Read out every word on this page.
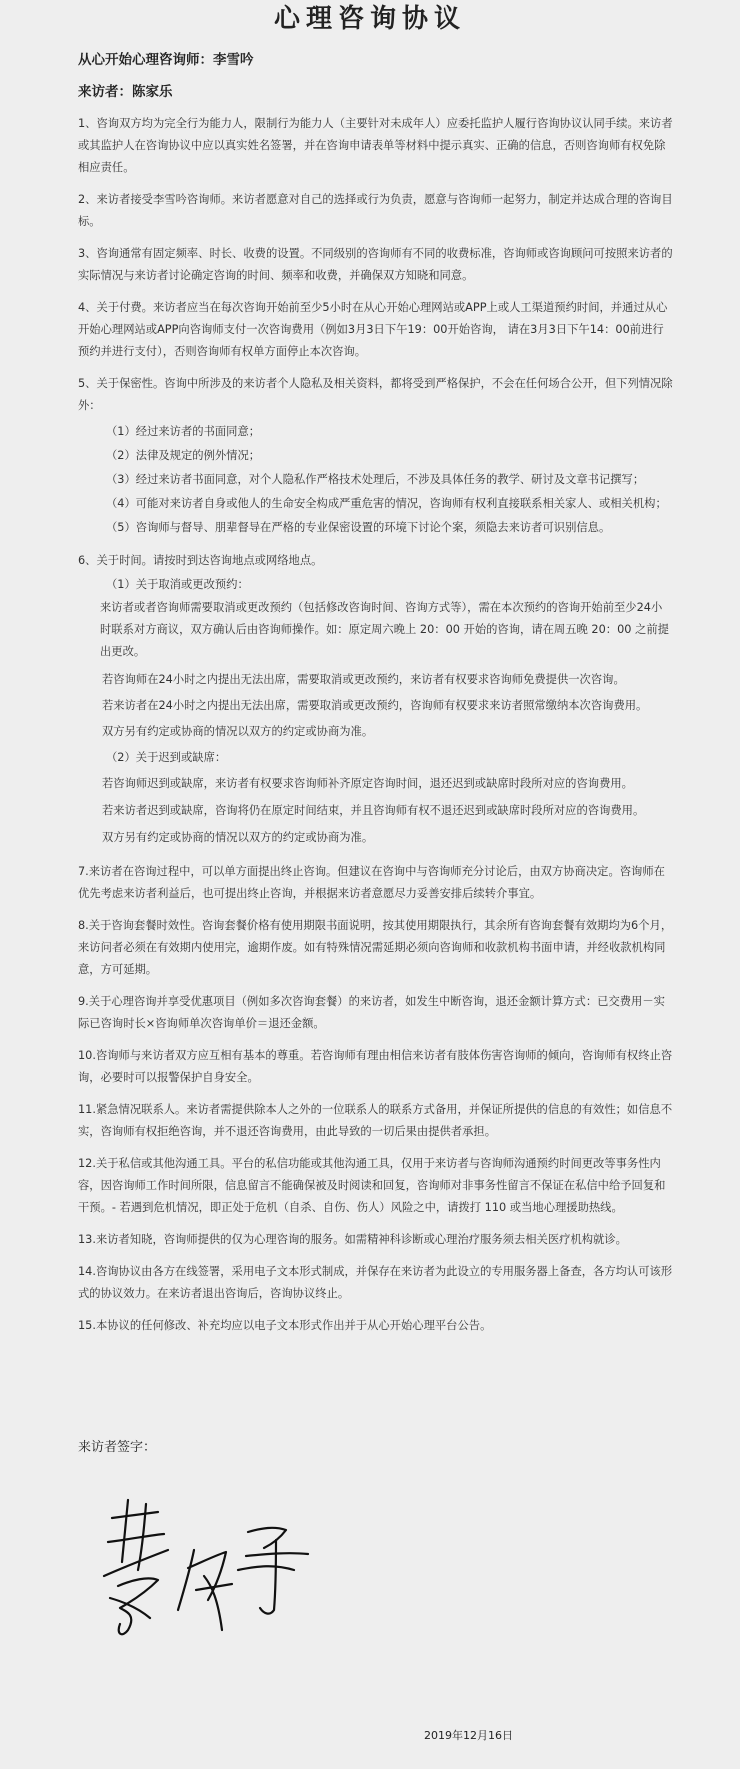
心理咨询协议
从心开始心理咨询师：李雪吟
来访者：陈家乐

1、咨询双方均为完全行为能力人，限制行为能力人（主要针对未成年人）应委托监护人履行咨询协议认同手续。来访者或其监护人在咨询协议中应以真实姓名签署，并在咨询申请表单等材料中提示真实、正确的信息，否则咨询师有权免除相应责任。

2、来访者接受李雪吟咨询师。来访者愿意对自己的选择或行为负责，愿意与咨询师一起努力，制定并达成合理的咨询目标。

3、咨询通常有固定频率、时长、收费的设置。不同级别的咨询师有不同的收费标准，咨询师或咨询顾问可按照来访者的实际情况与来访者讨论确定咨询的时间、频率和收费，并确保双方知晓和同意。

4、关于付费。来访者应当在每次咨询开始前至少5小时在从心开始心理网站或APP上或人工渠道预约时间，并通过从心开始心理网站或APP向咨询师支付一次咨询费用（例如3月3日下午19：00开始咨询， 请在3月3日下午14：00前进行预约并进行支付），否则咨询师有权单方面停止本次咨询。

5、关于保密性。咨询中所涉及的来访者个人隐私及相关资料，都将受到严格保护，不会在任何场合公开，但下列情况除外：

（1）经过来访者的书面同意；

（2）法律及规定的例外情况；

（3）经过来访者书面同意，对个人隐私作严格技术处理后，不涉及具体任务的教学、研讨及文章书记撰写；

（4）可能对来访者自身或他人的生命安全构成严重危害的情况，咨询师有权利直接联系相关家人、或相关机构；

（5）咨询师与督导、朋辈督导在严格的专业保密设置的环境下讨论个案，须隐去来访者可识别信息。

6、关于时间。请按时到达咨询地点或网络地点。

（1）关于取消或更改预约：

来访者或者咨询师需要取消或更改预约（包括修改咨询时间、咨询方式等），需在本次预约的咨询开始前至少24小时联系对方商议，双方确认后由咨询师操作。如：原定周六晚上 20：00 开始的咨询，请在周五晚 20：00 之前提出更改。

若咨询师在24小时之内提出无法出席，需要取消或更改预约，来访者有权要求咨询师免费提供一次咨询。

若来访者在24小时之内提出无法出席，需要取消或更改预约，咨询师有权要求来访者照常缴纳本次咨询费用。

双方另有约定或协商的情况以双方的约定或协商为准。

（2）关于迟到或缺席：

若咨询师迟到或缺席，来访者有权要求咨询师补齐原定咨询时间，退还迟到或缺席时段所对应的咨询费用。

若来访者迟到或缺席，咨询将仍在原定时间结束，并且咨询师有权不退还迟到或缺席时段所对应的咨询费用。

双方另有约定或协商的情况以双方的约定或协商为准。

7.来访者在咨询过程中，可以单方面提出终止咨询。但建议在咨询中与咨询师充分讨论后，由双方协商决定。咨询师在优先考虑来访者利益后，也可提出终止咨询，并根据来访者意愿尽力妥善安排后续转介事宜。

8.关于咨询套餐时效性。咨询套餐价格有使用期限书面说明，按其使用期限执行，其余所有咨询套餐有效期均为6个月，来访问者必须在有效期内使用完，逾期作废。如有特殊情况需延期必须向咨询师和收款机构书面申请，并经收款机构同意，方可延期。

9.关于心理咨询并享受优惠项目（例如多次咨询套餐）的来访者，如发生中断咨询，退还金额计算方式：已交费用－实际已咨询时长×咨询师单次咨询单价＝退还金额。

10.咨询师与来访者双方应互相有基本的尊重。若咨询师有理由相信来访者有肢体伤害咨询师的倾向，咨询师有权终止咨询，必要时可以报警保护自身安全。

11.紧急情况联系人。来访者需提供除本人之外的一位联系人的联系方式备用，并保证所提供的信息的有效性；如信息不实，咨询师有权拒绝咨询，并不退还咨询费用，由此导致的一切后果由提供者承担。

12.关于私信或其他沟通工具。平台的私信功能或其他沟通工具，仅用于来访者与咨询师沟通预约时间更改等事务性内容，因咨询师工作时间所限，信息留言不能确保被及时阅读和回复，咨询师对非事务性留言不保证在私信中给予回复和干预。- 若遇到危机情况，即正处于危机（自杀、自伤、伤人）风险之中，请拨打 110 或当地心理援助热线。

13.来访者知晓，咨询师提供的仅为心理咨询的服务。如需精神科诊断或心理治疗服务须去相关医疗机构就诊。

14.咨询协议由各方在线签署，采用电子文本形式制成，并保存在来访者为此设立的专用服务器上备查，各方均认可该形式的协议效力。在来访者退出咨询后，咨询协议终止。

15.本协议的任何修改、补充均应以电子文本形式作出并于从心开始心理平台公告。

来访者签字：
2019年12月16日
